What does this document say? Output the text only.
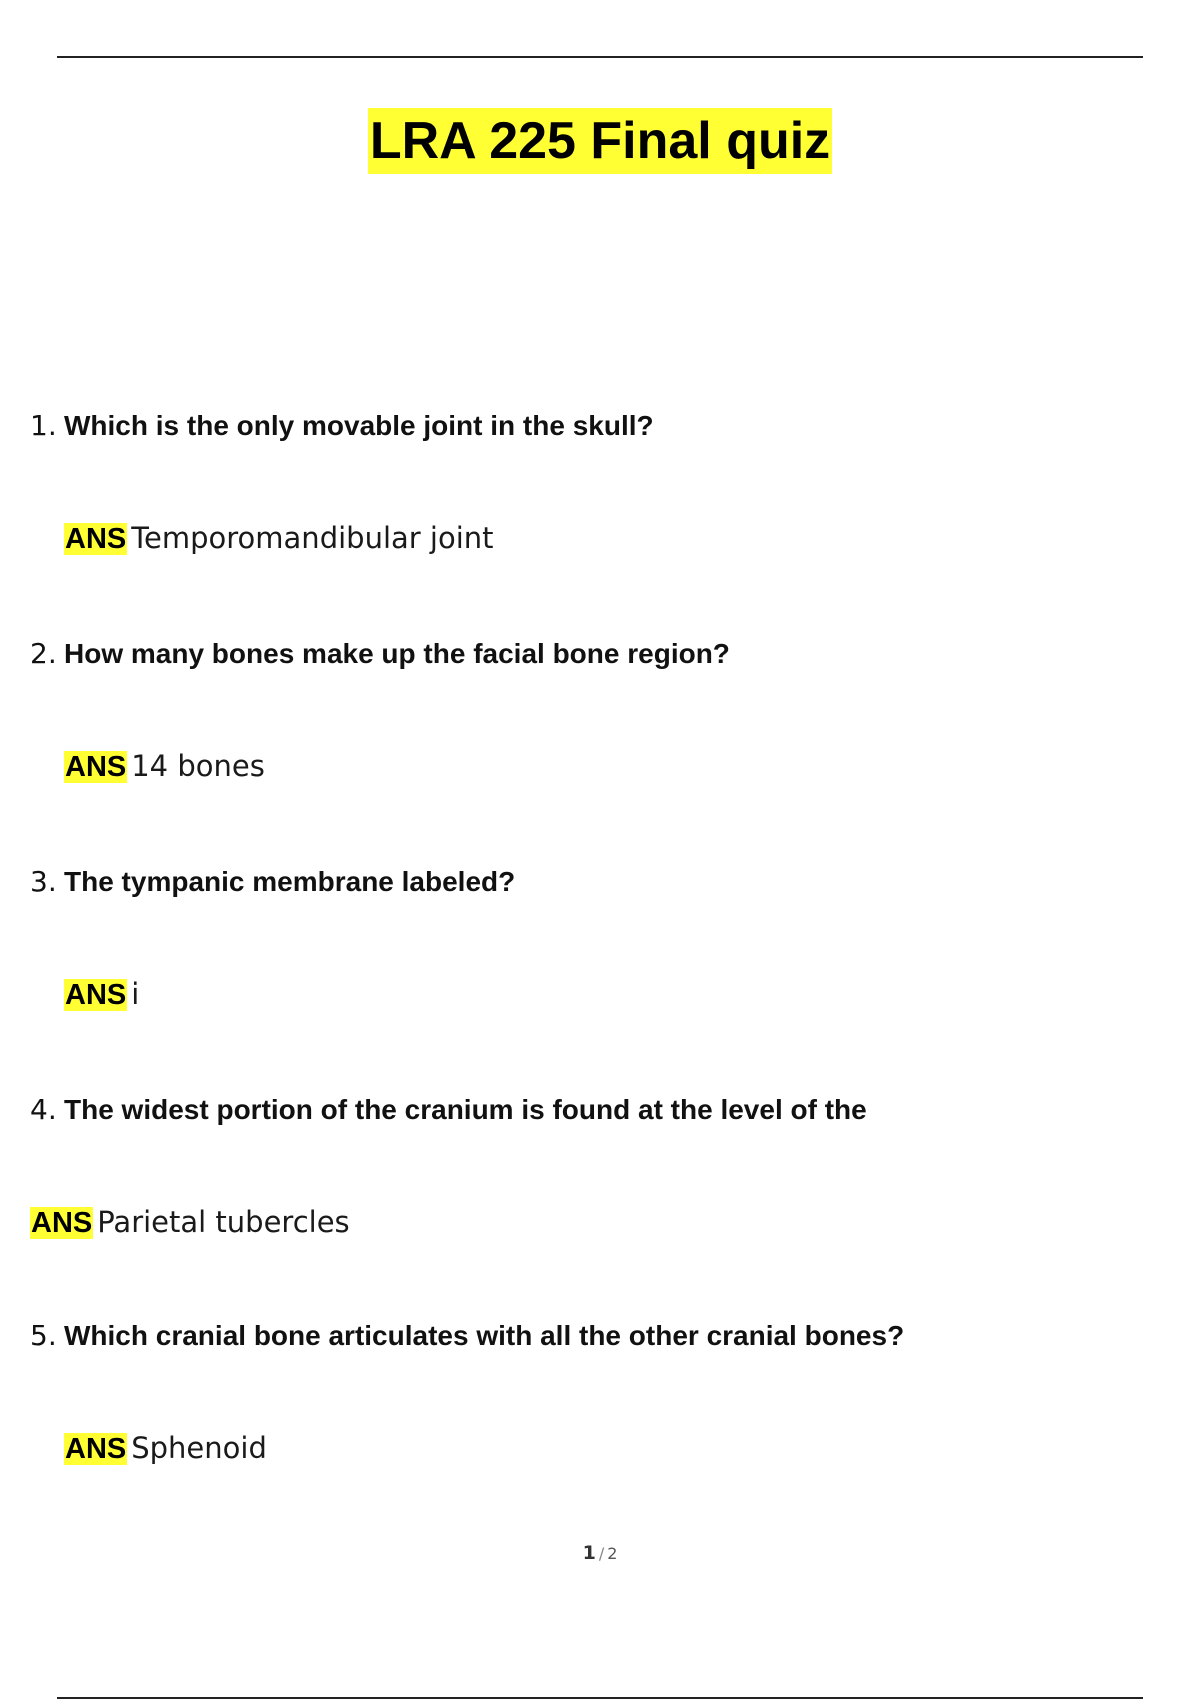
LRA 225 Final quiz
1. Which is the only movable joint in the skull?
ANS Temporomandibular joint
2. How many bones make up the facial bone region?
ANS 14 bones
3. The tympanic membrane labeled?
ANS i
4. The widest portion of the cranium is found at the level of the
ANS Parietal tubercles
5. Which cranial bone articulates with all the other cranial bones?
ANS Sphenoid
1 / 2
